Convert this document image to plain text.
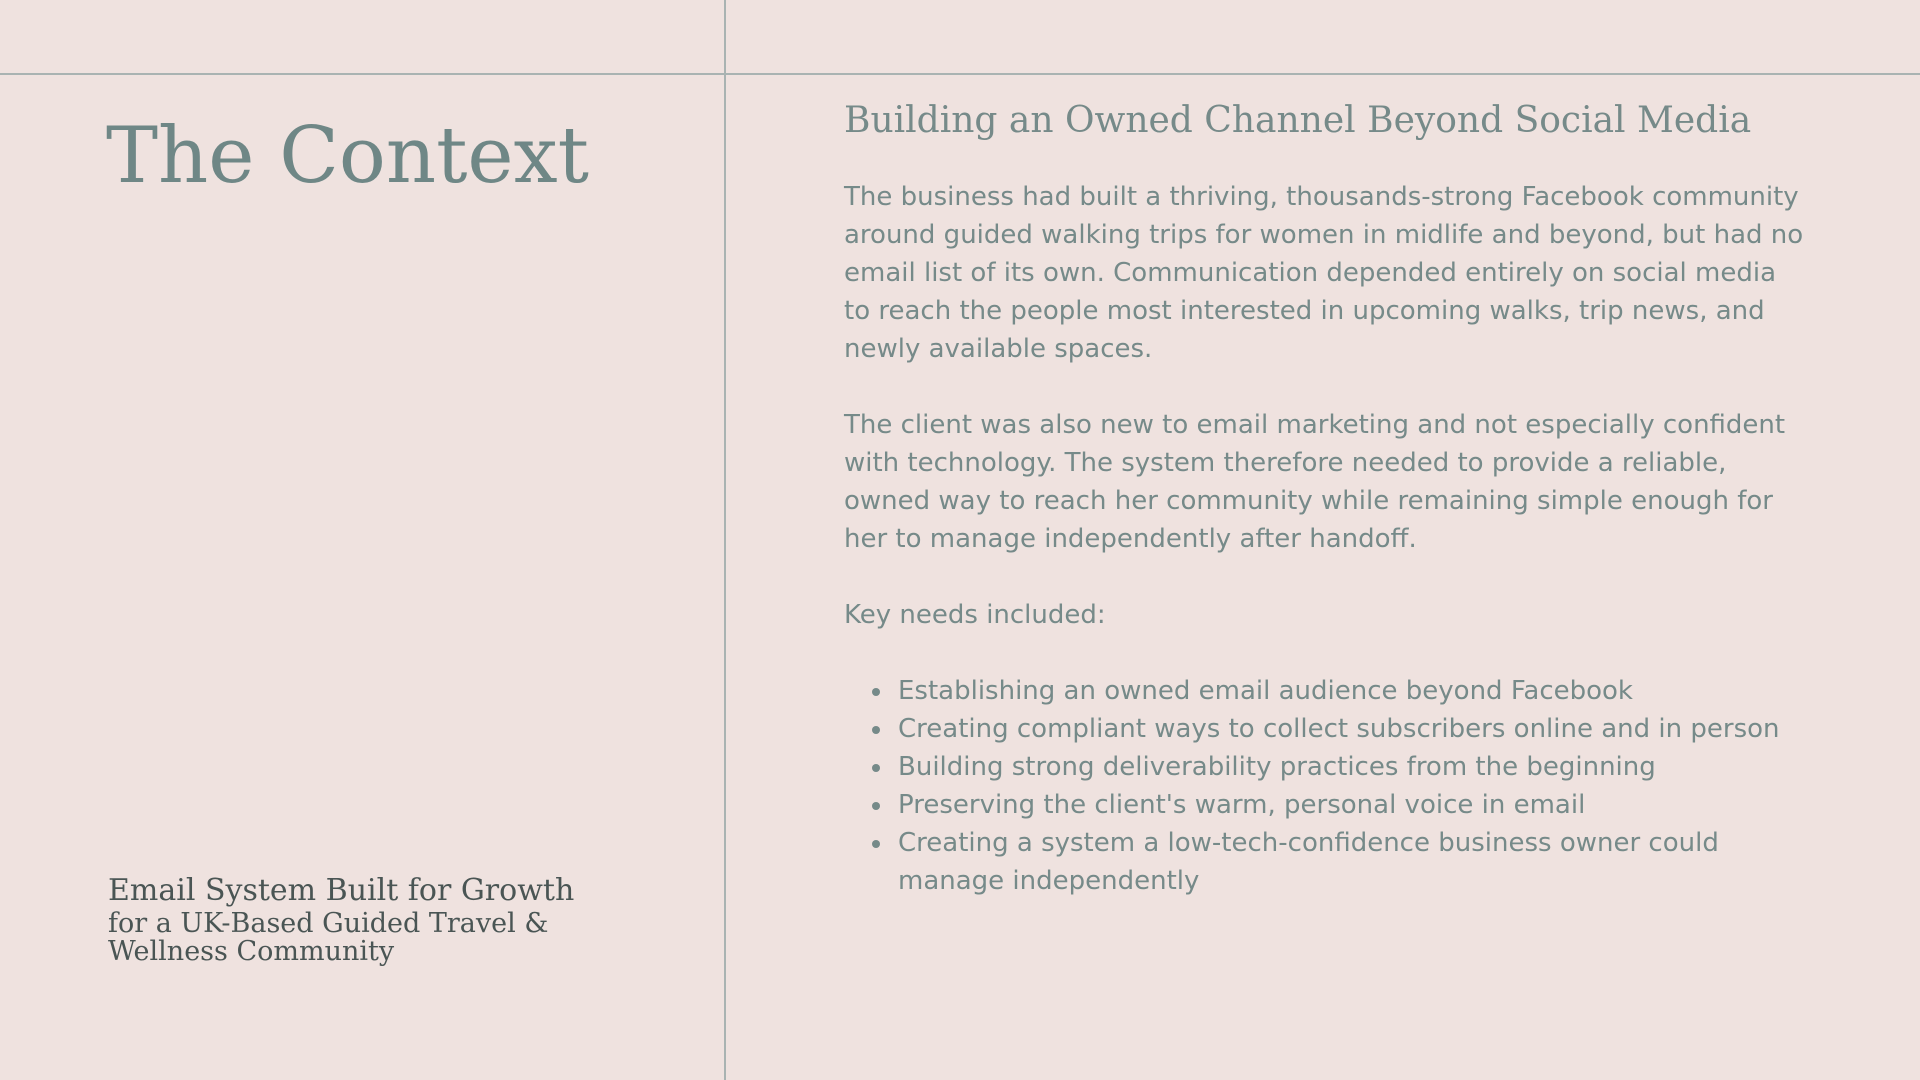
The Context
Email System Built for Growth
for a UK-Based Guided Travel & Wellness Community
Building an Owned Channel Beyond Social Media

The business had built a thriving, thousands-strong Facebook community around guided walking trips for women in midlife and beyond, but had no email list of its own. Communication depended entirely on social media to reach the people most interested in upcoming walks, trip news, and newly available spaces.

The client was also new to email marketing and not especially confident with technology. The system therefore needed to provide a reliable, owned way to reach her community while remaining simple enough for her to manage independently after handoff.

Key needs included:

Establishing an owned email audience beyond Facebook
Creating compliant ways to collect subscribers online and in person
Building strong deliverability practices from the beginning
Preserving the client's warm, personal voice in email
Creating a system a low-tech-confidence business owner could manage independently
